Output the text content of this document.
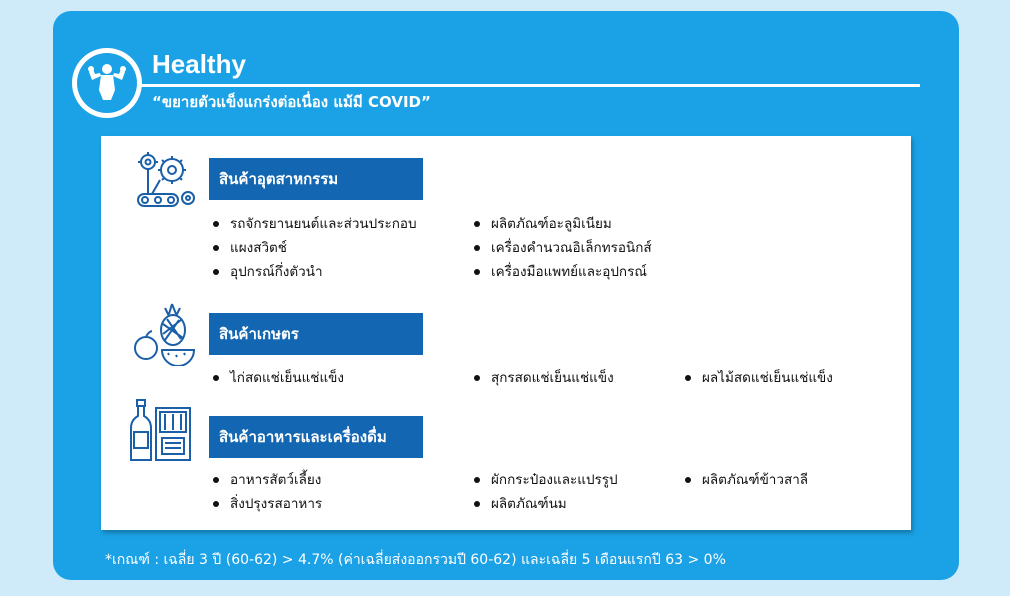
Healthy
“ขยายตัวแข็งแกร่งต่อเนื่อง แม้มี COVID”
สินค้าอุตสาหกรรม
รถจักรยานยนต์และส่วนประกอบ
แผงสวิตช์
อุปกรณ์กึ่งตัวนำ
ผลิตภัณฑ์อะลูมิเนียม
เครื่องคำนวณอิเล็กทรอนิกส์
เครื่องมือแพทย์และอุปกรณ์
สินค้าเกษตร
ไก่สดแช่เย็นแช่แข็ง	สุกรสดแช่เย็นแช่แข็ง	ผลไม้สดแช่เย็นแช่แข็ง
สินค้าอาหารและเครื่องดื่ม
อาหารสัตว์เลี้ยง
สิ่งปรุงรสอาหาร
ผักกระป๋องและแปรรูป
ผลิตภัณฑ์นม
ผลิตภัณฑ์ข้าวสาลี
*เกณฑ์ : เฉลี่ย 3 ปี (60-62) > 4.7% (ค่าเฉลี่ยส่งออกรวมปี 60-62) และเฉลี่ย 5 เดือนแรกปี 63 > 0%
